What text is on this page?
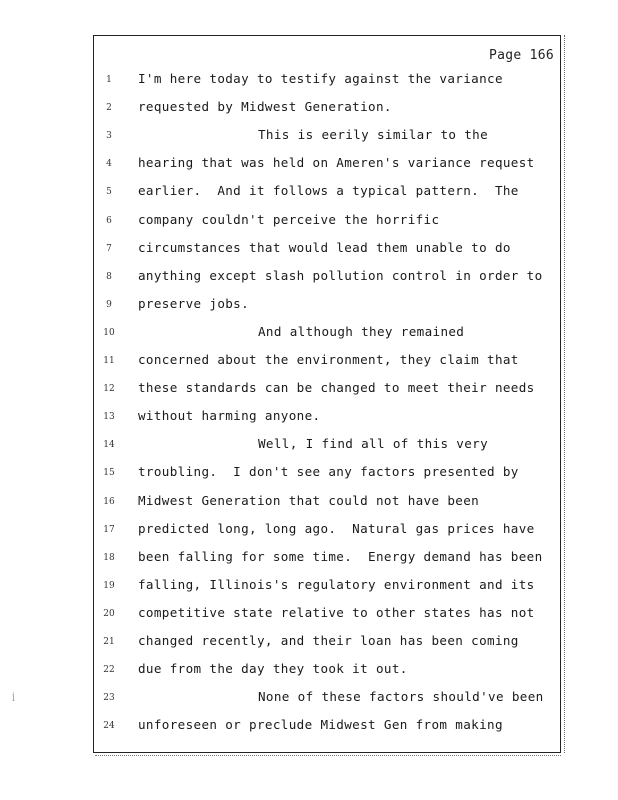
Page 166
ĺ
1	I'm here today to testify against the variance
2	requested by Midwest Generation.
3	This is eerily similar to the
4	hearing that was held on Ameren's variance request
5	earlier.  And it follows a typical pattern.  The
6	company couldn't perceive the horrific
7	circumstances that would lead them unable to do
8	anything except slash pollution control in order to
9	preserve jobs.
10	And although they remained
11	concerned about the environment, they claim that
12	these standards can be changed to meet their needs
13	without harming anyone.
14	Well, I find all of this very
15	troubling.  I don't see any factors presented by
16	Midwest Generation that could not have been
17	predicted long, long ago.  Natural gas prices have
18	been falling for some time.  Energy demand has been
19	falling, Illinois's regulatory environment and its
20	competitive state relative to other states has not
21	changed recently, and their loan has been coming
22	due from the day they took it out.
23	None of these factors should've been
24	unforeseen or preclude Midwest Gen from making
